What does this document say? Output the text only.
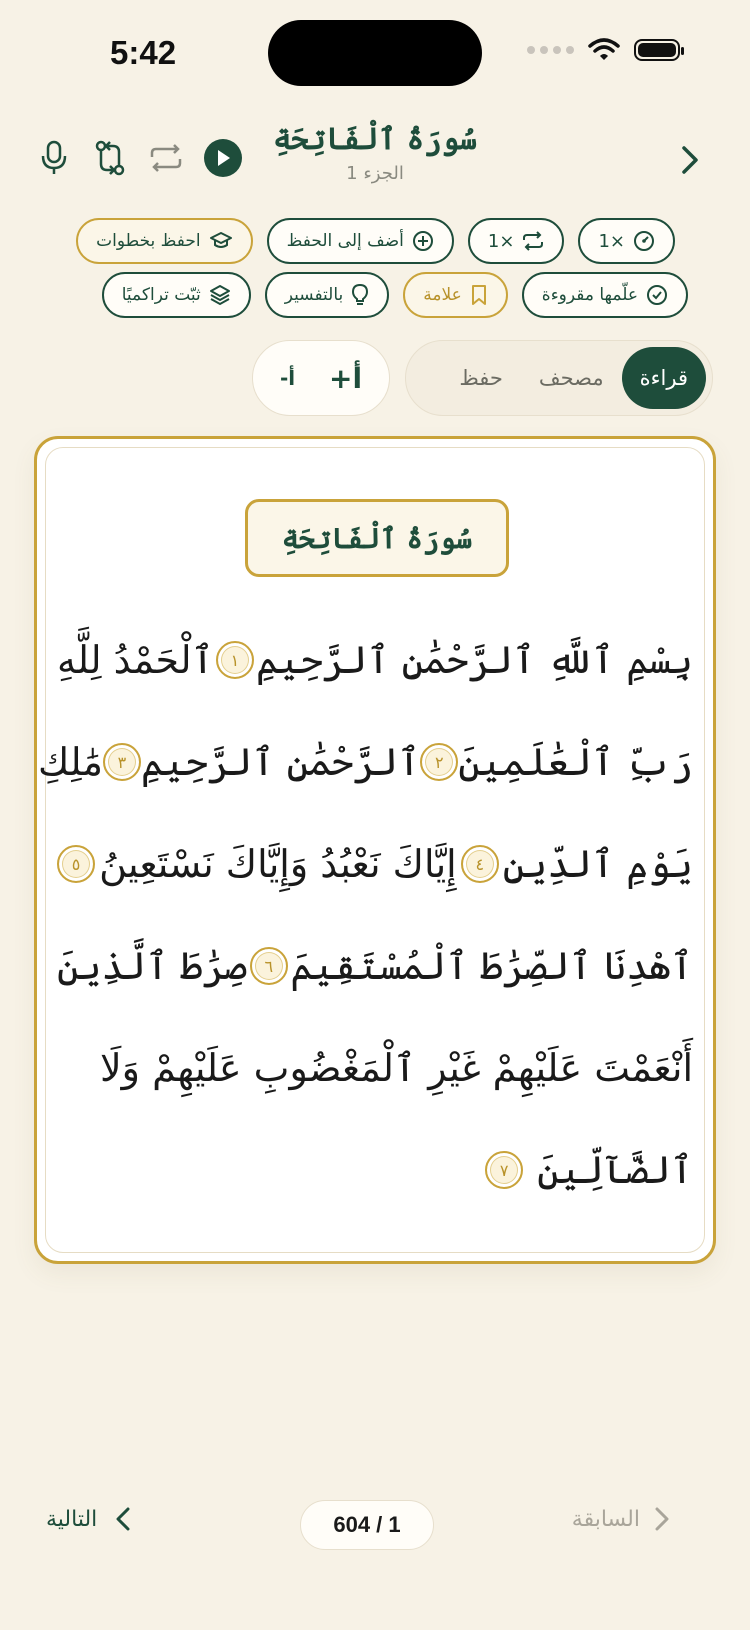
5:42
سُورَةُ ٱلْفَاتِحَةِ
الجزء 1
1×
1×
أضف إلى الحفظ
احفظ بخطوات
علّمها مقروءة
علامة
بالتفسير
ثبّت تراكميًا
قراءة
مصحف
حفظ
أ+
أ-
سُورَةُ ٱلْفَاتِحَةِ
بِسْمِ ٱللَّهِ ٱلرَّحْمَٰنِ ٱلرَّحِيمِ
١
ٱلْحَمْدُ لِلَّهِ
رَبِّ ٱلْعَٰلَمِينَ
٢
ٱلرَّحْمَٰنِ ٱلرَّحِيمِ
٣
مَٰلِكِ
يَوْمِ ٱلدِّينِ
٤
إِيَّاكَ نَعْبُدُ وَإِيَّاكَ نَسْتَعِينُ
٥
ٱهْدِنَا ٱلصِّرَٰطَ ٱلْمُسْتَقِيمَ
٦
صِرَٰطَ ٱلَّذِينَ
أَنْعَمْتَ عَلَيْهِمْ غَيْرِ ٱلْمَغْضُوبِ عَلَيْهِمْ وَلَا
ٱلضَّآلِّينَ
٧
التالية	604 / 1	السابقة
